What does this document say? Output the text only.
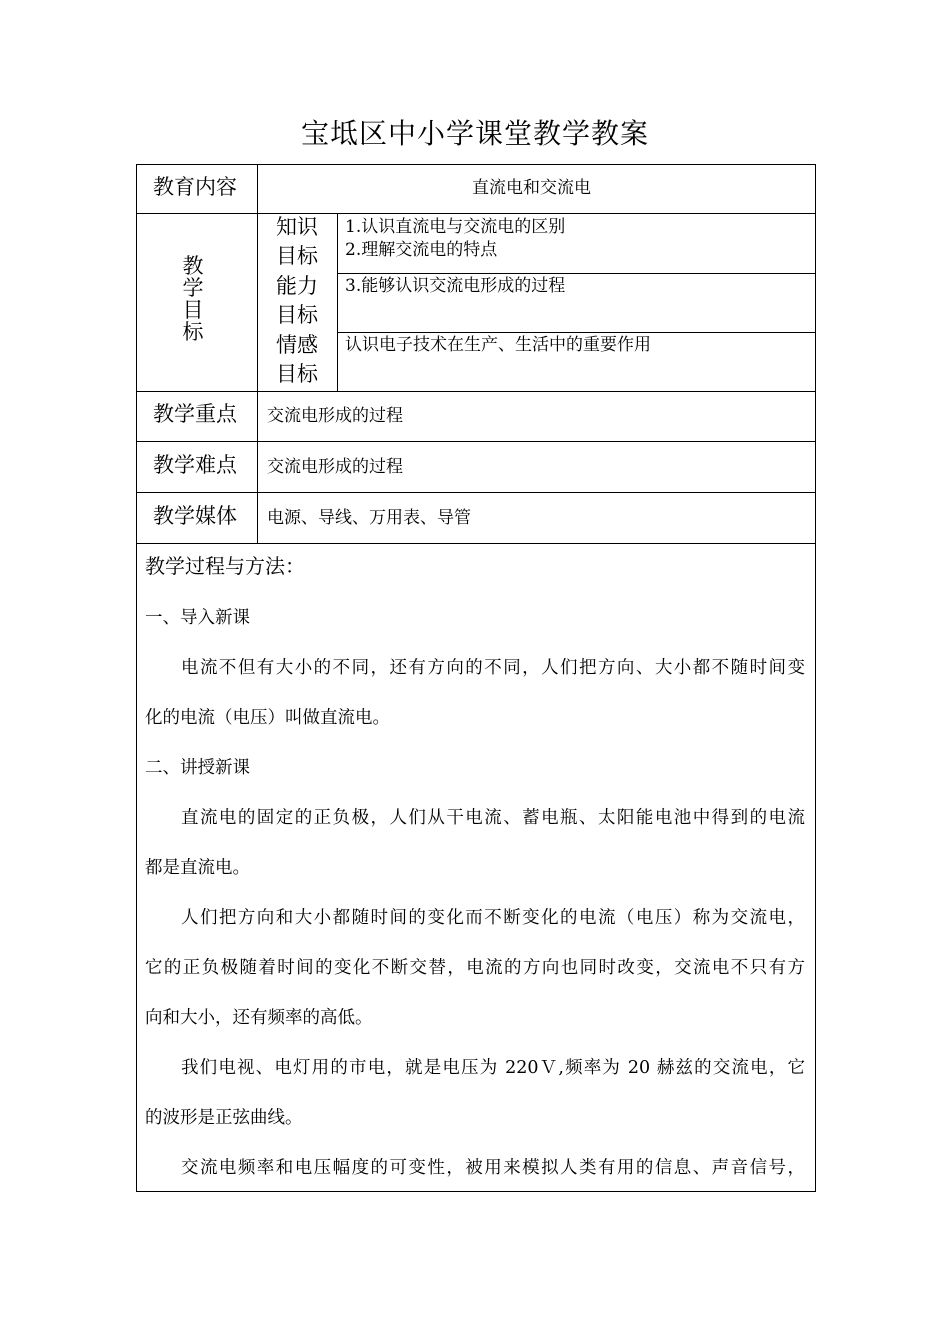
宝坻区中小学课堂教学教案
教育内容	直流电和交流电
教学目标
知识
目标
1.认识直流电与交流电的区别
2.理解交流电的特点
能力
目标
3.能够认识交流电形成的过程
情感
目标
认识电子技术在生产、生活中的重要作用
教学重点 交流电形成的过程
教学难点 交流电形成的过程
教学媒体 电源、导线、万用表、导管
教学过程与方法：
一、导入新课
电流不但有大小的不同，还有方向的不同，人们把方向、大小都不随时间变
化的电流（电压）叫做直流电。
二、讲授新课
直流电的固定的正负极，人们从干电流、蓄电瓶、太阳能电池中得到的电流
都是直流电。
人们把方向和大小都随时间的变化而不断变化的电流（电压）称为交流电，
它的正负极随着时间的变化不断交替，电流的方向也同时改变，交流电不只有方
向和大小，还有频率的高低。
我们电视、电灯用的市电，就是电压为 220Ｖ,频率为 20 赫兹的交流电，它
的波形是正弦曲线。
交流电频率和电压幅度的可变性，被用来模拟人类有用的信息、声音信号，
